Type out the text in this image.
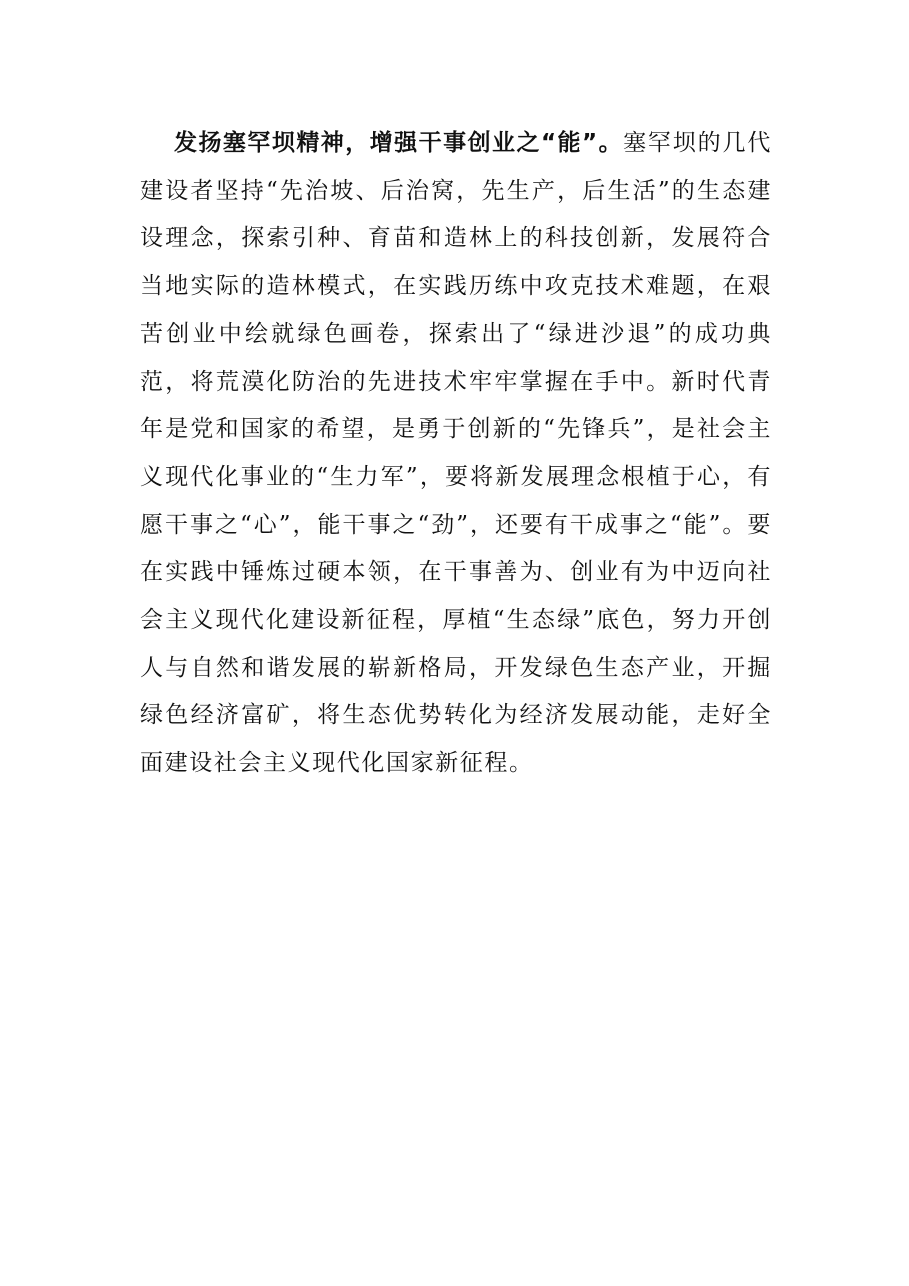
发扬塞罕坝精神，增强干事创业之“能”。塞罕坝的几代建设者坚持“先治坡、后治窝，先生产，后生活”的生态建设理念，探索引种、育苗和造林上的科技创新，发展符合当地实际的造林模式，在实践历练中攻克技术难题，在艰苦创业中绘就绿色画卷，探索出了“绿进沙退”的成功典范，将荒漠化防治的先进技术牢牢掌握在手中。新时代青年是党和国家的希望，是勇于创新的“先锋兵”，是社会主义现代化事业的“生力军”，要将新发展理念根植于心，有愿干事之“心”，能干事之“劲”，还要有干成事之“能”。要在实践中锤炼过硬本领，在干事善为、创业有为中迈向社会主义现代化建设新征程，厚植“生态绿”底色，努力开创人与自然和谐发展的崭新格局，开发绿色生态产业，开掘绿色经济富矿，将生态优势转化为经济发展动能，走好全面建设社会主义现代化国家新征程。
